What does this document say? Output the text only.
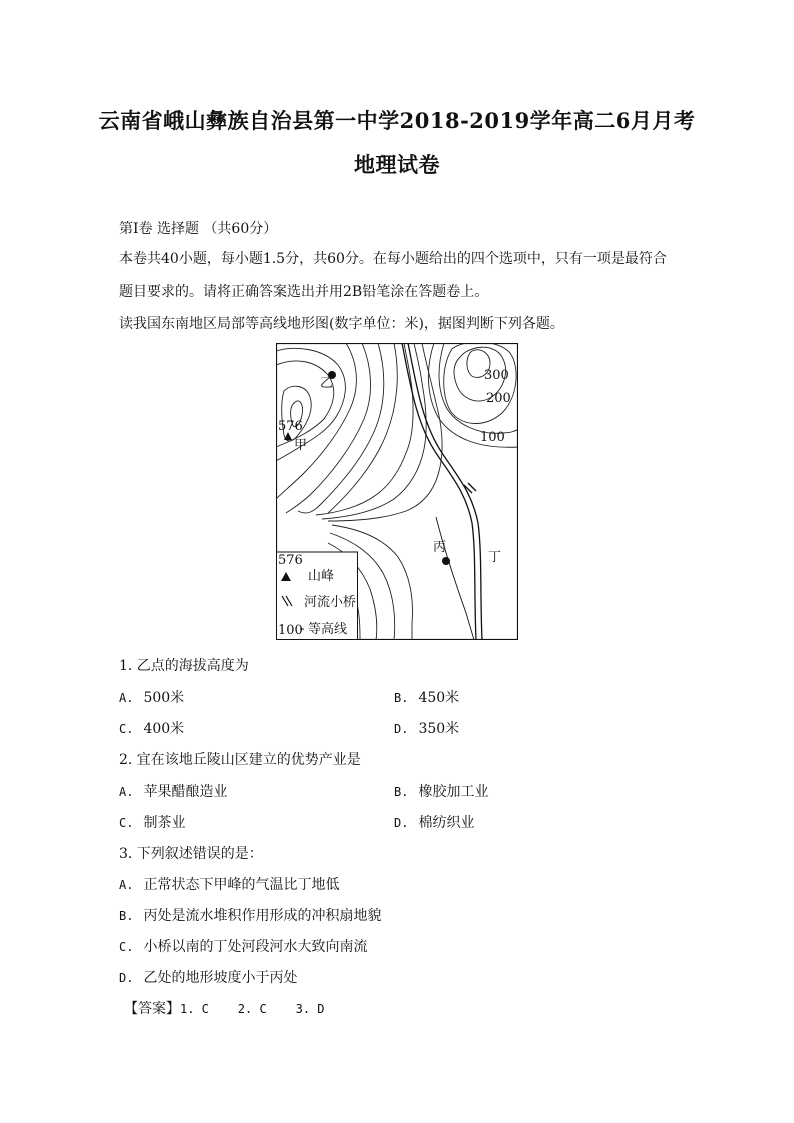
云南省峨山彝族自治县第一中学2018-2019学年高二6月月考
地理试卷
第Ⅰ卷 选择题 （共60分）
本卷共40小题，每小题1.5分，共60分。在每小题给出的四个选项中，只有一项是最符合
题目要求的。请将正确答案选出并用2B铅笔涂在答题卷上。
读我国东南地区局部等高线地形图(数字单位：米)，据图判断下列各题。
乙
576
甲
丙
丁
300
200
100
576
山峰
河流小桥
100 等高线
1. 乙点的海拔高度为
A. 500米	B. 450米
C. 400米	D. 350米
2. 宜在该地丘陵山区建立的优势产业是
A. 苹果醋酿造业	B. 橡胶加工业
C. 制茶业	D. 棉纺织业
3. 下列叙述错误的是：
A. 正常状态下甲峰的气温比丁地低
B. 丙处是流水堆积作用形成的冲积扇地貌
C. 小桥以南的丁处河段河水大致向南流
D. 乙处的地形坡度小于丙处
【答案】1. C    2. C    3. D
